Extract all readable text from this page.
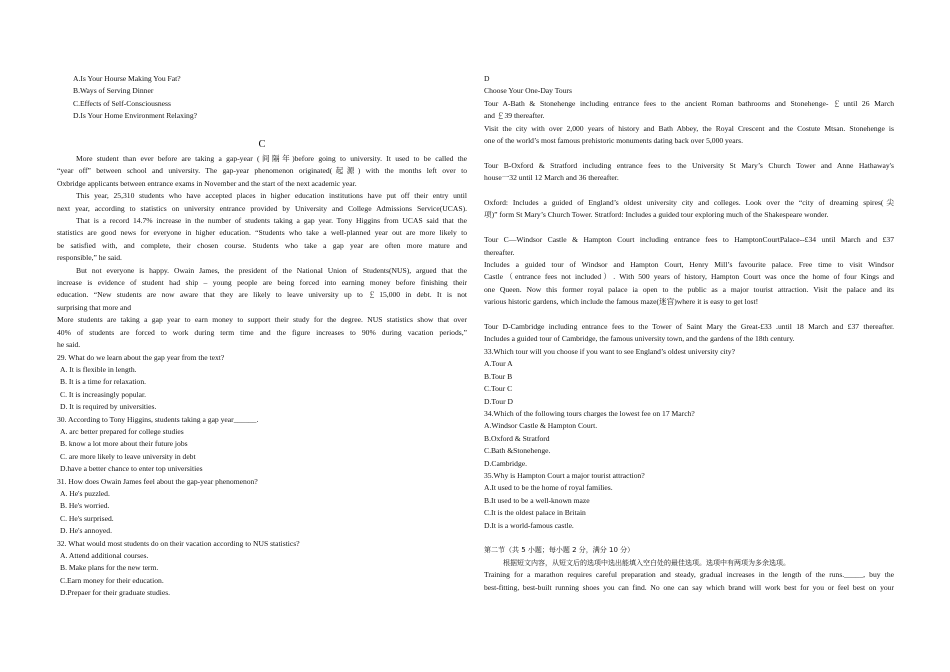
A.Is Your Hourse Making You Fat?
B.Ways of Serving Dinner
C.Effects of Self-Consciousness
D.Is Your Home Environment Relaxing?
C
More student than ever before are taking a gap-year (间隔年)before going to university. It used to be called the
“year off” between school and university. The gap-year phenomenon originated(起源) with the months left over to
Oxbridge applicants between entrance exams in November and the start of the next academic year.
This year, 25,310 students who have accepted places in higher education institutions have put off their entry until
next year, according to statistics on university entrance provided by University and College Admissions Service(UCAS).
That is a record 14.7% increase in the number of students taking a gap year. Tony Higgins from UCAS said that the
statistics are good news for everyone in higher education. “Students who take a well-planned year out are more likely to
be satisfied with, and complete, their chosen course. Students who take a gap year are often more mature and
responsible,” he said.
But not everyone is happy. Owain James, the president of the National Union of Students(NUS), argued that the
increase is evidence of student had ship – young people are being forced into earning money before finishing their
education. “New students are now aware that they are likely to leave university up to ￡15,000 in debt. It is not
surprising that more and
More students are taking a gap year to earn money to support their study for the degree. NUS statistics show that over
40% of students are forced to work during term time and the figure increases to 90% during vacation periods,”
he said.
29. What do we learn about the gap year from the text?
A. It is flexible in length.
B. It is a time for relaxation.
C. It is increasingly popular.
D. It is required by universities.
30. According to Tony Higgins, students taking a gap year______.
A. arc better prepared for college studies
B. know a lot more about their future jobs
C. are more likely to leave university in debt
D.have a better chance to enter top universities
31. How does Owain James feel about the gap-year phenomenon?
A. He's puzzled.
B. He's worried.
C. He's surprised.
D. He's annoyed.
32. What would most students do on their vacation according to NUS statistics?
A. Attend additional courses.
B. Make plans for the new term.
C.Earn money for their education.
D.Prepaer for their graduate studies.
D
Choose Your One-Day Tours
Tour A-Bath & Stonehenge including entrance fees to the ancient Roman bathrooms and Stonehenge- ￡until 26 March
and ￡39 thereafter.
Visit the city with over 2,000 years of history and Bath Abbey, the Royal Crescent and the Costute Mtsan. Stonehenge is
one of the world’s most famous prehistoric monuments dating back over 5,000 years.
Tour B-Oxford & Stratford including entrance fees to the University St Mary’s Church Tower and Anne Hathaway's
house一32 until 12 March and 36 thereafter.
Oxford: Includes a guided of England’s oldest university city and colleges. Look over the “city of dreaming spires(尖
项)” form St Mary’s Church Tower. Stratford: Includes a guided tour exploring much of the Shakespeare wonder.
Tour C—Windsor Castle & Hampton Court including entrance fees to HamptonCourtPalace--£34 until March and £37
thereafter.
Includes a guided tour of Windsor and Hampton Court, Henry Mill’s favourite palace. Free time to visit Windsor
Castle（entrance fees not included）. With 500 years of history, Hampton Court was once the home of four Kings and
one Queen. Now this former royal palace ia open to the public as a major tourist attraction. Visit the palace and its
various historic gardens, which include the famous maze(迷宫)where it is easy to get lost!
Tour D-Cambridge including entrance fees to the Tower of Saint Mary the Great-£33 .until 18 March and £37 thereafter.
Includes a guided tour of Cambridge, the famous university town, and the gardens of the 18th century.
33.Which tour will you choose if you want to see England’s oldest university city?
A.Tour A
B.Tour B
C.Tour C
D.Tour D
34.Which of the following tours charges the lowest fee on 17 March?
A.Windsor Castle & Hampton Court.
B.Oxford & Stratford
C.Bath &Stonehenge.
D.Cambridge.
35.Why is Hampton Court a major tourist attraction?
A.It used to be the home of royal families.
B.It used to be a well-known maze
C.It is the oldest palace in Britain
D.It is a world-famous castle.
第二节（共 5 小题；每小题 2 分，满分 10 分）
根据短文内容，从短文后的选项中选出能填入空白处的最佳选项。选项中有两项为多余选项。
Training for a marathon requires careful preparation and steady, gradual increases in the length of the runs._____, buy the
best-fitting, best-built running shoes you can find. No one can say which brand will work best for you or feel best on your
